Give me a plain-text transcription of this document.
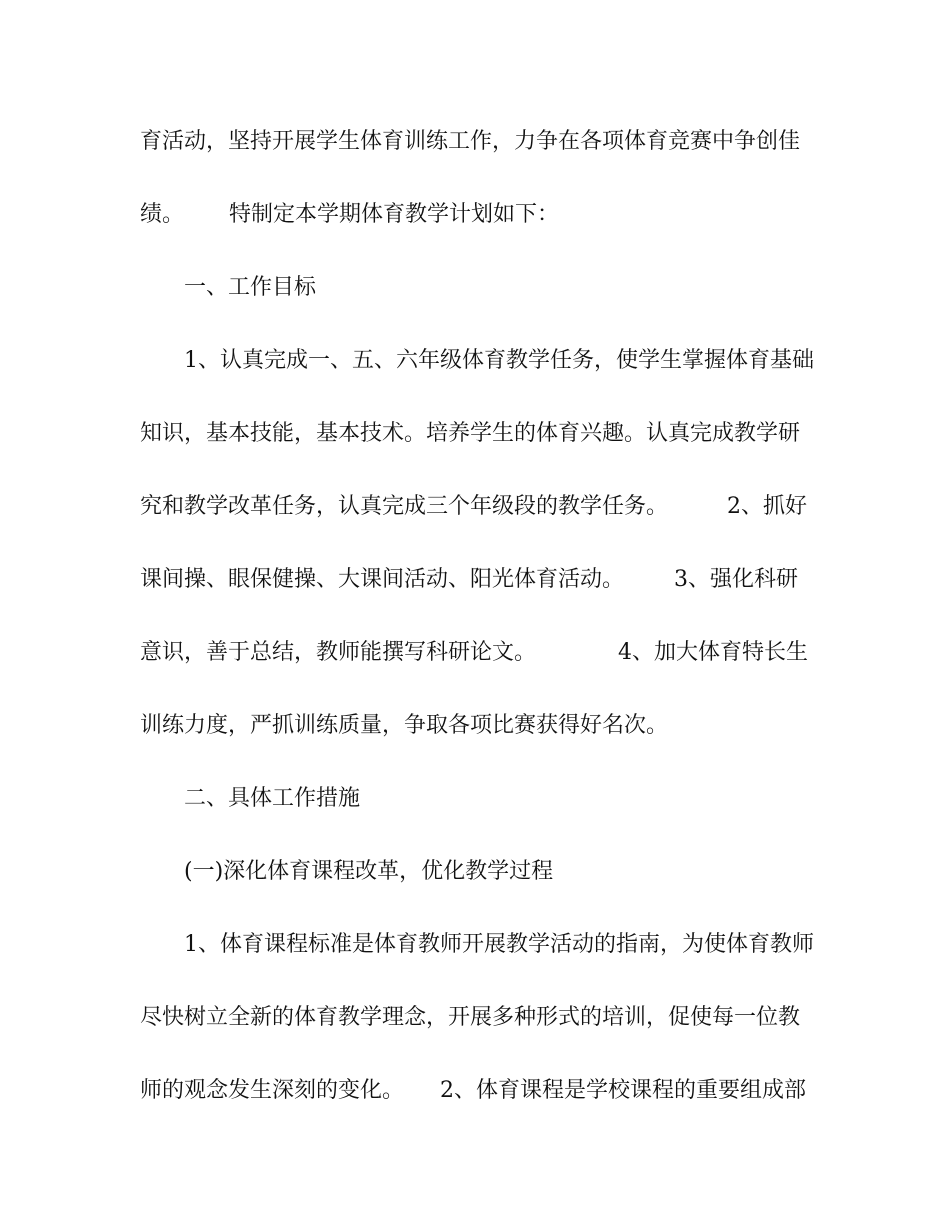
育活动，坚持开展学生体育训练工作，力争在各项体育竞赛中争创佳

绩。

特制定本学期体育教学计划如下：

一、工作目标

1、认真完成一、五、六年级体育教学任务，使学生掌握体育基础

知识，基本技能，基本技术。培养学生的体育兴趣。认真完成教学研

究和教学改革任务，认真完成三个年级段的教学任务。

	2、抓好

课间操、眼保健操、大课间活动、阳光体育活动。

3、强化科研

意识，善于总结，教师能撰写科研论文。

	4、加大体育特长生

训练力度，严抓训练质量，争取各项比赛获得好名次。

二、具体工作措施

(一)深化体育课程改革，优化教学过程

1、体育课程标准是体育教师开展教学活动的指南，为使体育教师

尽快树立全新的体育教学理念，开展多种形式的培训，促使每一位教

师的观念发生深刻的变化。

2、体育课程是学校课程的重要组成部
